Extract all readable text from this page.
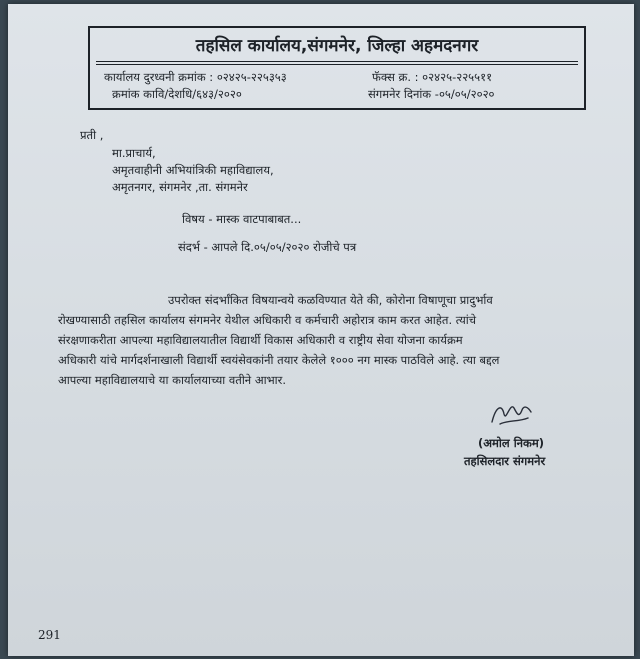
तहसिल कार्यालय,संगमनेर, जिल्हा अहमदनगर
कार्यालय दुरध्वनी क्रमांक : ०२४२५-२२५३५३	फॅक्स क्र. : ०२४२५-२२५५११
क्रमांक कावि/देशधि/६४३/२०२०	संगमनेर दिनांक -०५/०५/२०२०
प्रती ,
मा.प्राचार्य,
अमृतवाहीनी अभियांत्रिकी महाविद्यालय,
अमृतनगर, संगमनेर ,ता. संगमनेर
विषय - मास्क वाटपाबाबत...
संदर्भ - आपले दि.०५/०५/२०२० रोजीचे पत्र
उपरोक्त संदर्भांकित विषयान्वये कळविण्यात येते की, कोरोना विषाणूचा प्रादुर्भाव
रोखण्यासाठी तहसिल कार्यालय संगमनेर येथील अधिकारी व कर्मचारी अहोरात्र काम करत आहेत. त्यांचे
संरक्षणाकरीता आपल्या महाविद्यालयातील विद्यार्थी विकास अधिकारी व राष्ट्रीय सेवा योजना कार्यक्रम
अधिकारी यांचे मार्गदर्शनाखाली विद्यार्थी स्वयंसेवकांनी तयार केलेले १००० नग मास्क पाठविले आहे. त्या बद्दल
आपल्या महाविद्यालयाचे या कार्यालयाच्या वतीने आभार.
(अमोल निकम)
तहसिलदार संगमनेर
291
